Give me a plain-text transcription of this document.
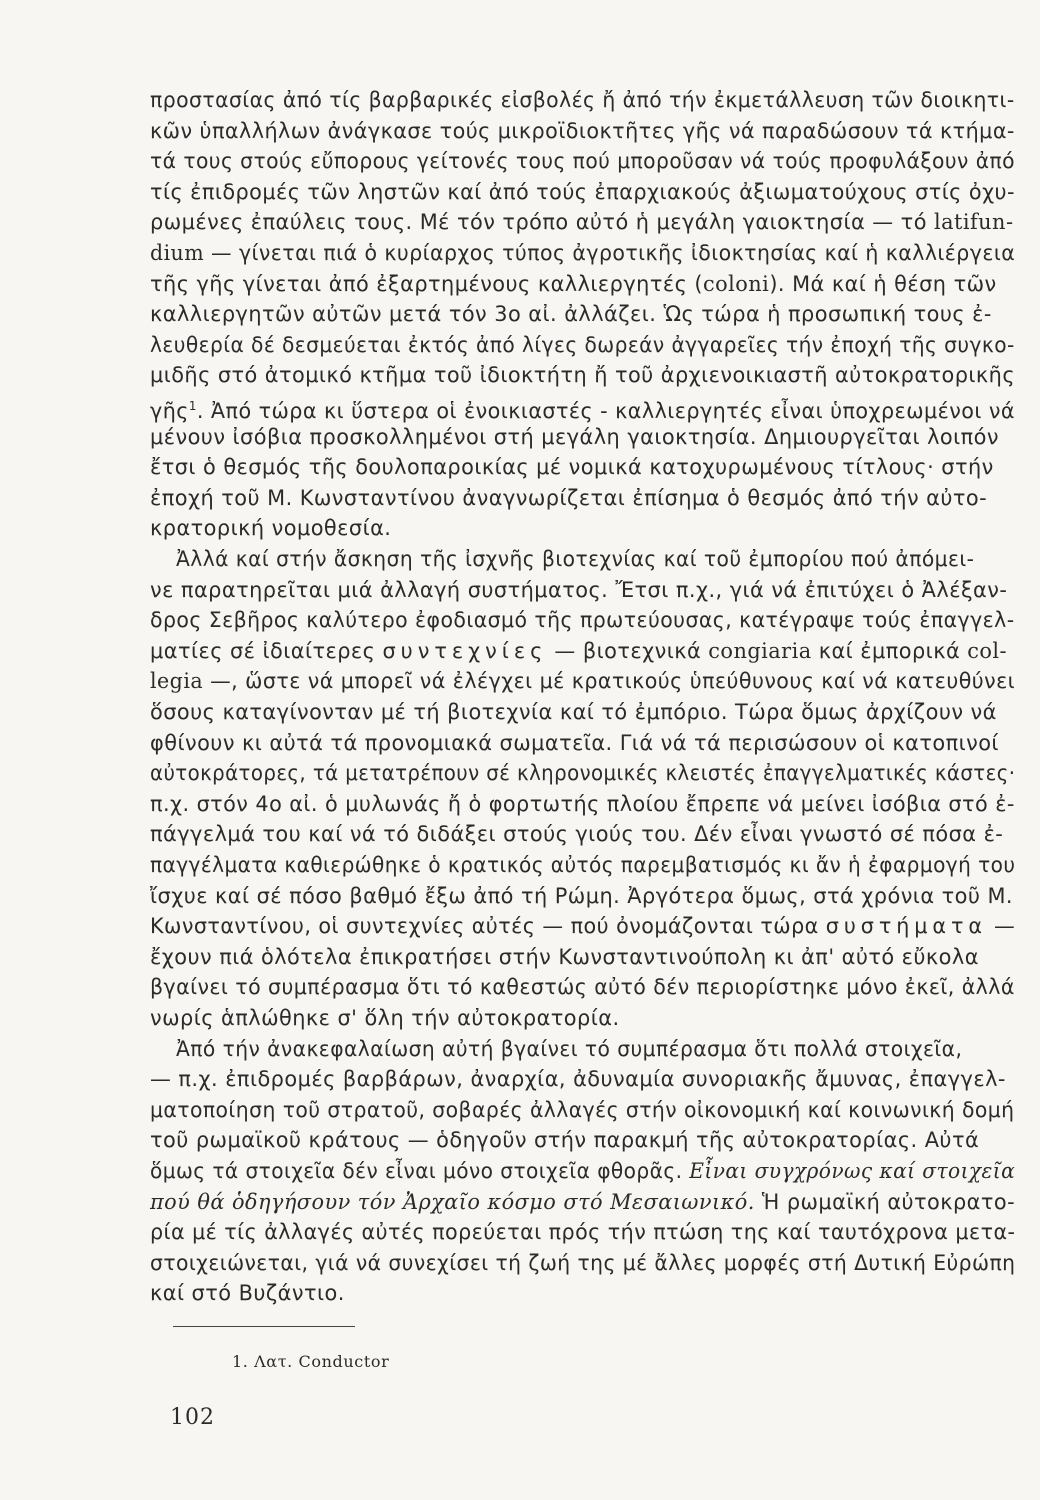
προστασίας ἀπό τίς βαρβαρικές εἰσβολές ἤ ἀπό τήν ἐκμετάλλευση τῶν διοικητι-
κῶν ὑπαλλήλων ἀνάγκασε τούς μικροϊδιοκτῆτες γῆς νά παραδώσουν τά κτήμα-
τά τους στούς εὔπορους γείτονές τους πού μποροῦσαν νά τούς προφυλάξουν ἀπό
τίς ἐπιδρομές τῶν ληστῶν καί ἀπό τούς ἐπαρχιακούς ἀξιωματούχους στίς ὀχυ-
ρωμένες ἐπαύλεις τους. Μέ τόν τρόπο αὐτό ἡ μεγάλη γαιοκτησία — τό latifun-
dium — γίνεται πιά ὁ κυρίαρχος τύπος ἀγροτικῆς ἰδιοκτησίας καί ἡ καλλιέργεια
τῆς γῆς γίνεται ἀπό ἐξαρτημένους καλλιεργητές (coloni). Μά καί ἡ θέση τῶν
καλλιεργητῶν αὐτῶν μετά τόν 3ο αἰ. ἀλλάζει. Ὡς τώρα ἡ προσωπική τους ἐ-
λευθερία δέ δεσμεύεται ἐκτός ἀπό λίγες δωρεάν ἀγγαρεῖες τήν ἐποχή τῆς συγκο-
μιδῆς στό ἀτομικό κτῆμα τοῦ ἰδιοκτήτη ἤ τοῦ ἀρχιενοικιαστῆ αὐτοκρατορικῆς
γῆς$^1$. Ἀπό τώρα κι ὕστερα οἱ ἐνοικιαστές - καλλιεργητές εἶναι ὑποχρεωμένοι νά
μένουν ἰσόβια προσκολλημένοι στή μεγάλη γαιοκτησία. Δημιουργεῖται λοιπόν
ἔτσι ὁ θεσμός τῆς δουλοπαροικίας μέ νομικά κατοχυρωμένους τίτλους· στήν
ἐποχή τοῦ Μ. Κωνσταντίνου ἀναγνωρίζεται ἐπίσημα ὁ θεσμός ἀπό τήν αὐτο-
κρατορική νομοθεσία.
Ἀλλά καί στήν ἄσκηση τῆς ἰσχνῆς βιοτεχνίας καί τοῦ ἐμπορίου πού ἀπόμει-
νε παρατηρεῖται μιά ἀλλαγή συστήματος. Ἔτσι π.χ., γιά νά ἐπιτύχει ὁ Ἀλέξαν-
δρος Σεβῆρος καλύτερο ἐφοδιασμό τῆς πρωτεύουσας, κατέγραψε τούς ἐπαγγελ-
ματίες σέ ἰδιαίτερες συντεχνίες — βιοτεχνικά congiaria καί ἐμπορικά col-
legia —, ὥστε νά μπορεῖ νά ἐλέγχει μέ κρατικούς ὑπεύθυνους καί νά κατευθύνει
ὅσους καταγίνονταν μέ τή βιοτεχνία καί τό ἐμπόριο. Τώρα ὅμως ἀρχίζουν νά
φθίνουν κι αὐτά τά προνομιακά σωματεῖα. Γιά νά τά περισώσουν οἱ κατοπινοί
αὐτοκράτορες, τά μετατρέπουν σέ κληρονομικές κλειστές ἐπαγγελματικές κάστες·
π.χ. στόν 4ο αἰ. ὁ μυλωνάς ἤ ὁ φορτωτής πλοίου ἔπρεπε νά μείνει ἰσόβια στό ἐ-
πάγγελμά του καί νά τό διδάξει στούς γιούς του. Δέν εἶναι γνωστό σέ πόσα ἐ-
παγγέλματα καθιερώθηκε ὁ κρατικός αὐτός παρεμβατισμός κι ἄν ἡ ἐφαρμογή του
ἴσχυε καί σέ πόσο βαθμό ἔξω ἀπό τή Ρώμη. Ἀργότερα ὅμως, στά χρόνια τοῦ Μ.
Κωνσταντίνου, οἱ συντεχνίες αὐτές — πού ὀνομάζονται τώρα συστήματα —
ἔχουν πιά ὁλότελα ἐπικρατήσει στήν Κωνσταντινούπολη κι ἀπ' αὐτό εὔκολα
βγαίνει τό συμπέρασμα ὅτι τό καθεστώς αὐτό δέν περιορίστηκε μόνο ἐκεῖ, ἀλλά
νωρίς ἁπλώθηκε σ' ὅλη τήν αὐτοκρατορία.
Ἀπό τήν ἀνακεφαλαίωση αὐτή βγαίνει τό συμπέρασμα ὅτι πολλά στοιχεῖα,
— π.χ. ἐπιδρομές βαρβάρων, ἀναρχία, ἀδυναμία συνοριακῆς ἄμυνας, ἐπαγγελ-
ματοποίηση τοῦ στρατοῦ, σοβαρές ἀλλαγές στήν οἰκονομική καί κοινωνική δομή
τοῦ ρωμαϊκοῦ κράτους — ὁδηγοῦν στήν παρακμή τῆς αὐτοκρατορίας. Αὐτά
ὅμως τά στοιχεῖα δέν εἶναι μόνο στοιχεῖα φθορᾶς. Εἶναι συγχρόνως καί στοιχεῖα
πού θά ὁδηγήσουν τόν Ἀρχαῖο κόσμο στό Μεσαιωνικό. Ἡ ρωμαϊκή αὐτοκρατο-
ρία μέ τίς ἀλλαγές αὐτές πορεύεται πρός τήν πτώση της καί ταυτόχρονα μετα-
στοιχειώνεται, γιά νά συνεχίσει τή ζωή της μέ ἄλλες μορφές στή Δυτική Εὐρώπη
καί στό Βυζάντιο.
1. Λατ. Conductor
102
